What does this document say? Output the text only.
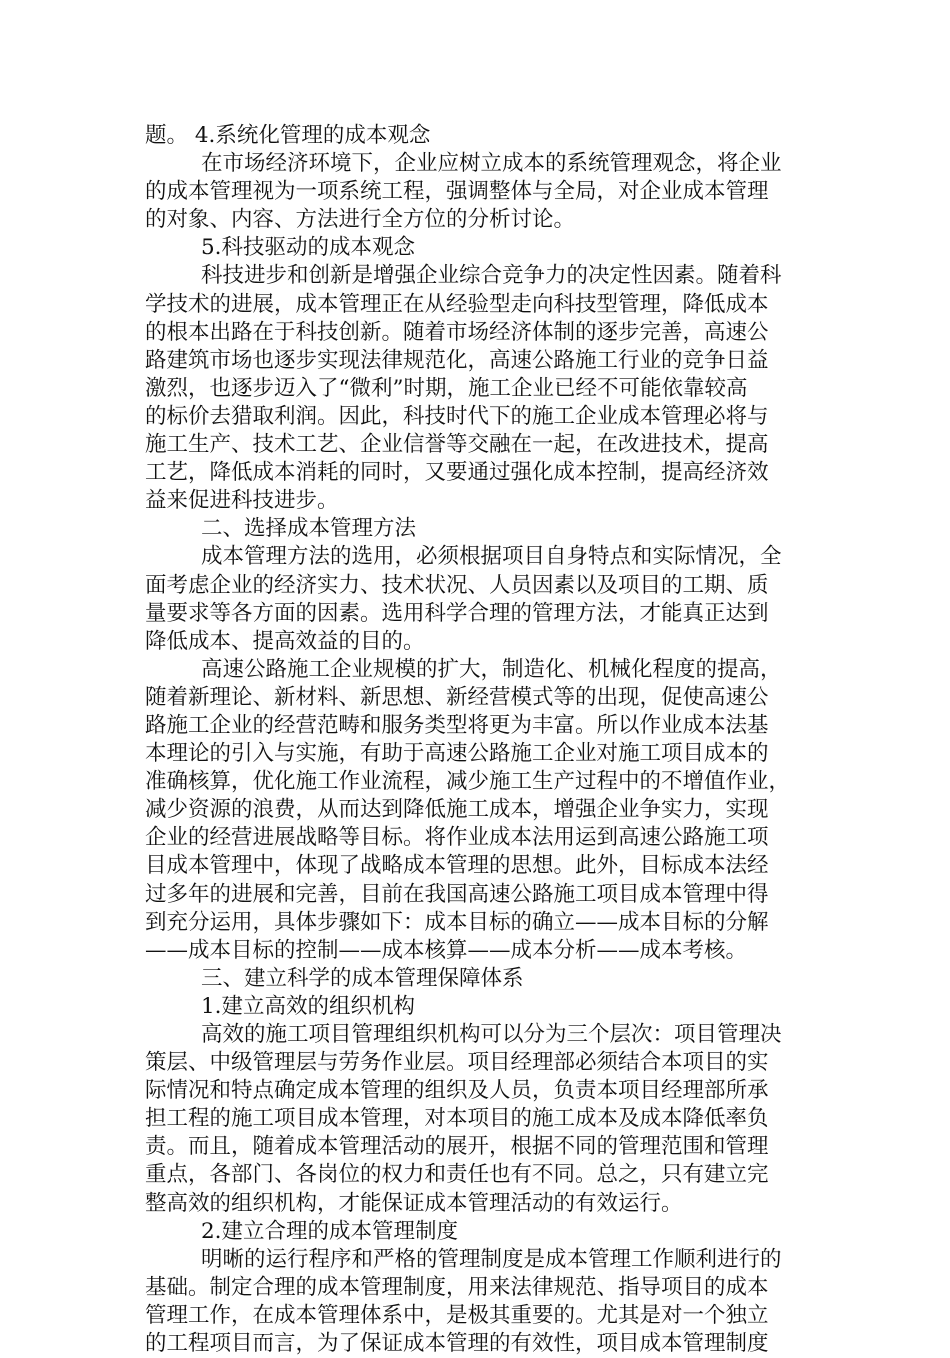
题。 4.系统化管理的成本观念
在市场经济环境下，企业应树立成本的系统管理观念，将企业
的成本管理视为一项系统工程，强调整体与全局，对企业成本管理
的对象、内容、方法进行全方位的分析讨论。
5.科技驱动的成本观念
科技进步和创新是增强企业综合竞争力的决定性因素。随着科
学技术的进展，成本管理正在从经验型走向科技型管理，降低成本
的根本出路在于科技创新。随着市场经济体制的逐步完善，高速公
路建筑市场也逐步实现法律规范化，高速公路施工行业的竞争日益
激烈，也逐步迈入了“微利”时期，施工企业已经不可能依靠较高
的标价去猎取利润。因此，科技时代下的施工企业成本管理必将与
施工生产、技术工艺、企业信誉等交融在一起，在改进技术，提高
工艺，降低成本消耗的同时，又要通过强化成本控制，提高经济效
益来促进科技进步。
二、选择成本管理方法
成本管理方法的选用，必须根据项目自身特点和实际情况，全
面考虑企业的经济实力、技术状况、人员因素以及项目的工期、质
量要求等各方面的因素。选用科学合理的管理方法，才能真正达到
降低成本、提高效益的目的。
高速公路施工企业规模的扩大，制造化、机械化程度的提高，
随着新理论、新材料、新思想、新经营模式等的出现，促使高速公
路施工企业的经营范畴和服务类型将更为丰富。所以作业成本法基
本理论的引入与实施，有助于高速公路施工企业对施工项目成本的
准确核算，优化施工作业流程，减少施工生产过程中的不增值作业，
减少资源的浪费，从而达到降低施工成本，增强企业争实力，实现
企业的经营进展战略等目标。将作业成本法用运到高速公路施工项
目成本管理中，体现了战略成本管理的思想。此外，目标成本法经
过多年的进展和完善，目前在我国高速公路施工项目成本管理中得
到充分运用，具体步骤如下：成本目标的确立——成本目标的分解
——成本目标的控制——成本核算——成本分析——成本考核。
三、建立科学的成本管理保障体系
1.建立高效的组织机构
高效的施工项目管理组织机构可以分为三个层次：项目管理决
策层、中级管理层与劳务作业层。项目经理部必须结合本项目的实
际情况和特点确定成本管理的组织及人员，负责本项目经理部所承
担工程的施工项目成本管理，对本项目的施工成本及成本降低率负
责。而且，随着成本管理活动的展开，根据不同的管理范围和管理
重点，各部门、各岗位的权力和责任也有不同。总之，只有建立完
整高效的组织机构，才能保证成本管理活动的有效运行。
2.建立合理的成本管理制度
明晰的运行程序和严格的管理制度是成本管理工作顺利进行的
基础。制定合理的成本管理制度，用来法律规范、指导项目的成本
管理工作，在成本管理体系中，是极其重要的。尤其是对一个独立
的工程项目而言，为了保证成本管理的有效性，项目成本管理制度
